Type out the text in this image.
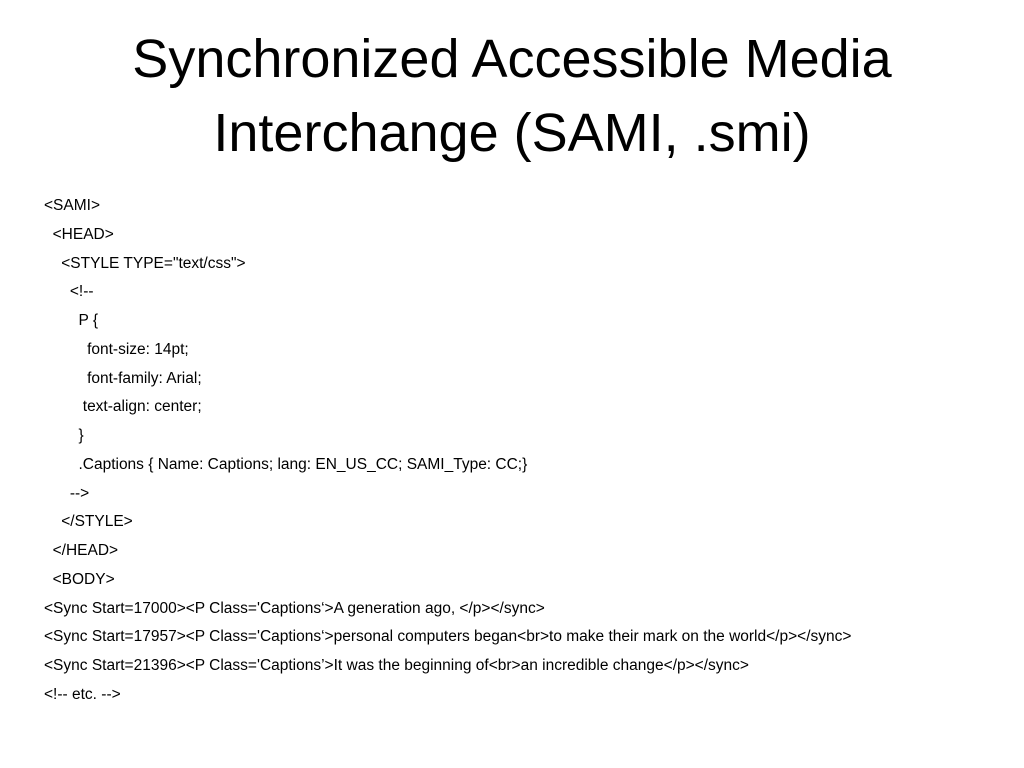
Synchronized Accessible Media
Interchange (SAMI, .smi)
<SAMI>
<HEAD>
<STYLE TYPE="text/css">
<!--
P {
font-size: 14pt;
font-family: Arial;
text-align: center;
}
.Captions { Name: Captions; lang: EN_US_CC; SAMI_Type: CC;}
-->
</STYLE>
</HEAD>
<BODY>
<Sync Start=17000><P Class='Captions‘>A generation ago, </p></sync>
<Sync Start=17957><P Class='Captions‘>personal computers began<br>to make their mark on the world</p></sync>
<Sync Start=21396><P Class='Captions’>It was the beginning of<br>an incredible change</p></sync>
<!-- etc. -->
